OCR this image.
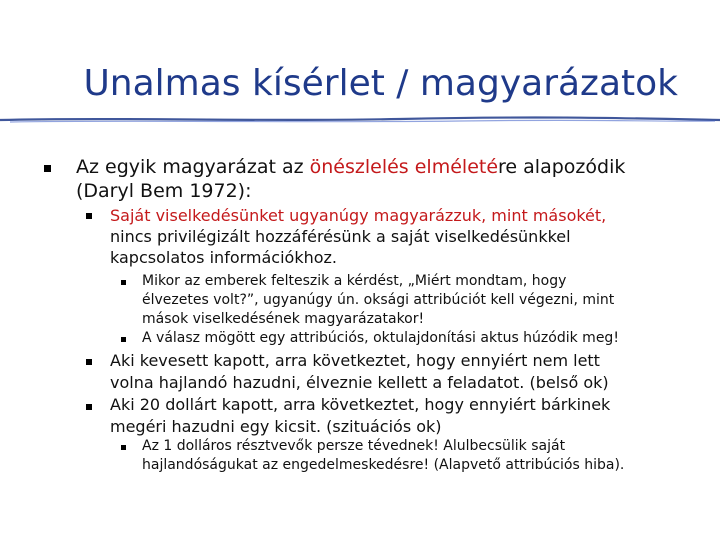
Unalmas kísérlet / magyarázatok
Az egyik magyarázat az önészlelés elméletére alapozódik
(Daryl Bem 1972):
Saját viselkedésünket ugyanúgy magyarázzuk, mint másokét,
nincs privilégizált hozzáférésünk a saját viselkedésünkkel
kapcsolatos információkhoz.
Mikor az emberek felteszik a kérdést, „Miért mondtam, hogy
élvezetes volt?”, ugyanúgy ún. oksági attribúciót kell végezni, mint
mások viselkedésének magyarázatakor!
A válasz mögött egy attribúciós, oktulajdonítási aktus húzódik meg!
Aki kevesett kapott, arra következtet, hogy ennyiért nem lett
volna hajlandó hazudni, élveznie kellett a feladatot. (belső ok)
Aki 20 dollárt kapott, arra következtet, hogy ennyiért bárkinek
megéri hazudni egy kicsit. (szituációs ok)
Az 1 dolláros résztvevők persze tévednek! Alulbecsülik saját
hajlandóságukat az engedelmeskedésre! (Alapvető attribúciós hiba).
